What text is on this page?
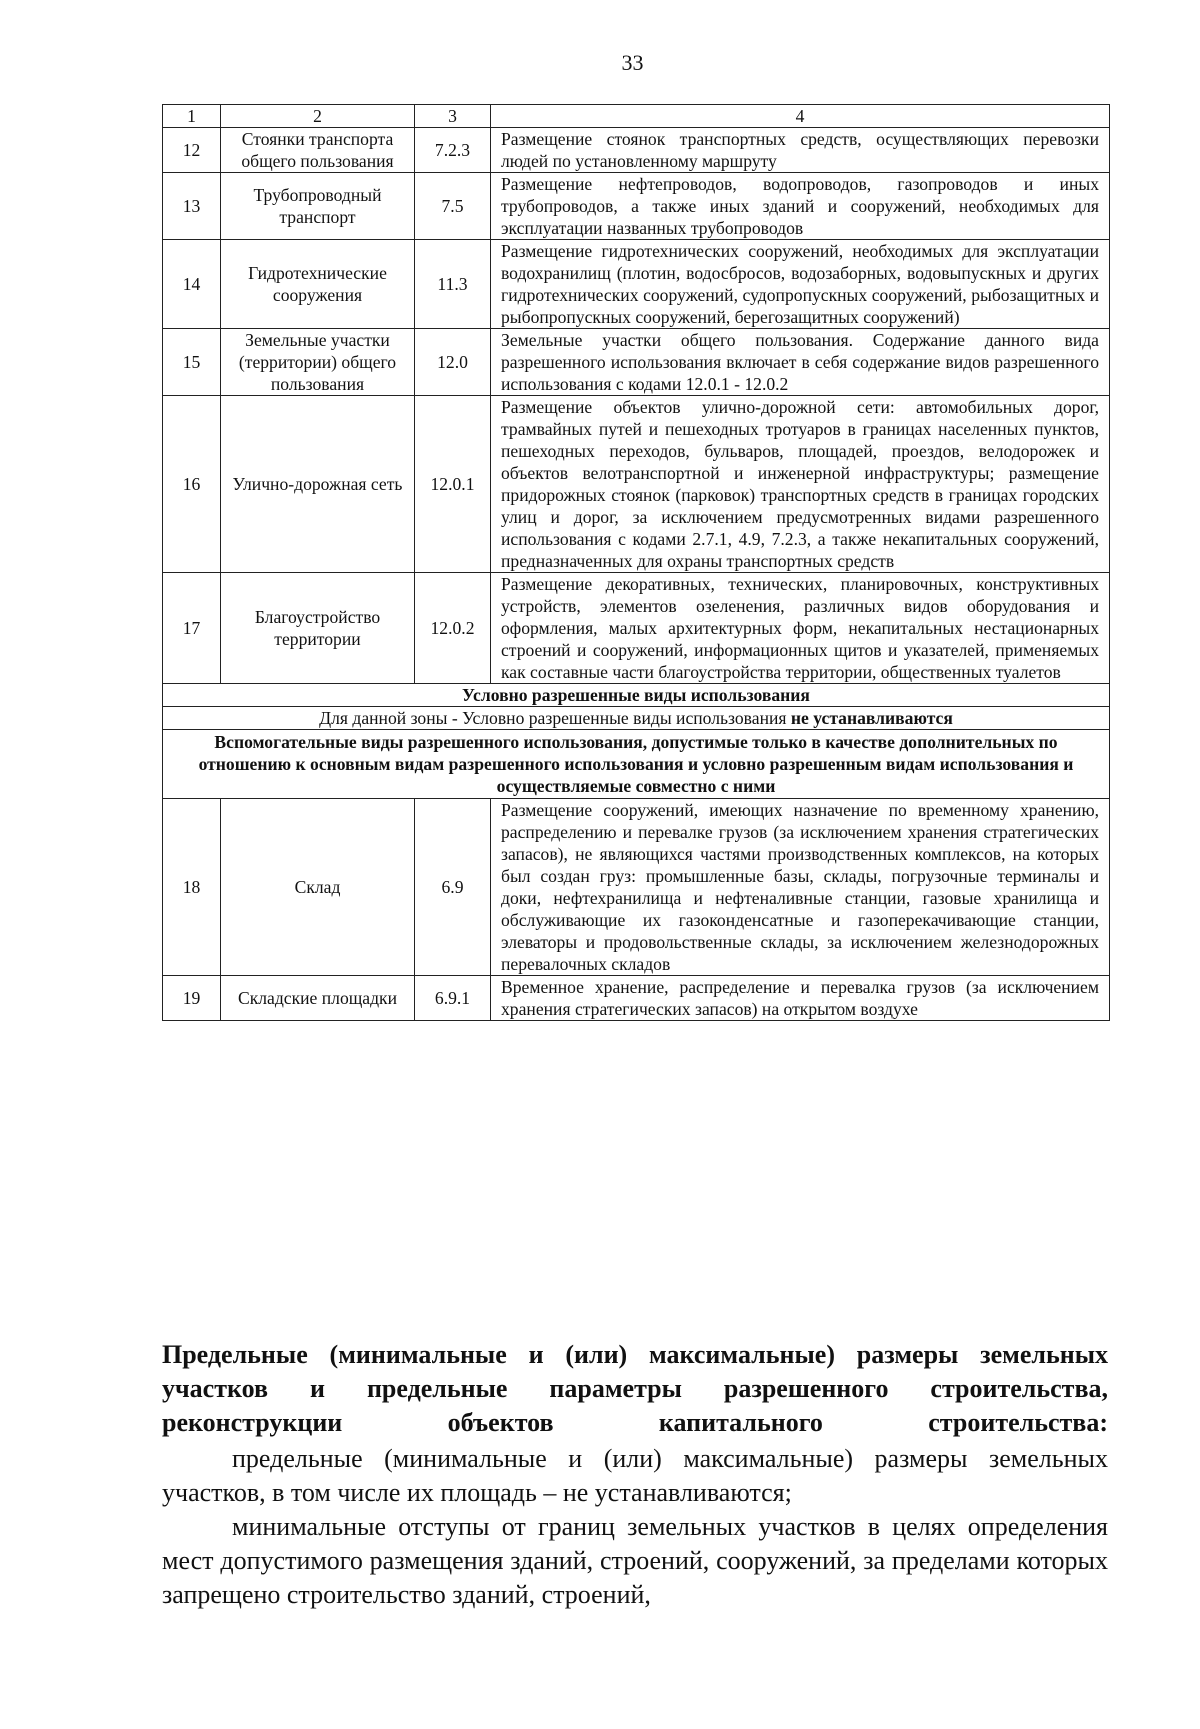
33
1	2	3	4
12	Стоянки транспорта общего пользования	7.2.3	Размещение стоянок транспортных средств, осуществляющих перевозки людей по установленному маршруту
13	Трубопроводный транспорт	7.5	Размещение нефтепроводов, водопроводов, газопроводов и иных трубопроводов, а также иных зданий и сооружений, необходимых для эксплуатации названных трубопроводов
14	Гидротехнические сооружения	11.3	Размещение гидротехнических сооружений, необходимых для эксплуатации водохранилищ (плотин, водосбросов, водозаборных, водовыпускных и других гидротехнических сооружений, судопропускных сооружений, рыбозащитных и рыбопропускных сооружений, берегозащитных сооружений)
15	Земельные участки (территории) общего пользования	12.0	Земельные участки общего пользования. Содержание данного вида разрешенного использования включает в себя содержание видов разрешенного использования с кодами 12.0.1 - 12.0.2
16	Улично-дорожная сеть	12.0.1	Размещение объектов улично-дорожной сети: автомобильных дорог, трамвайных путей и пешеходных тротуаров в границах населенных пунктов, пешеходных переходов, бульваров, площадей, проездов, велодорожек и объектов велотранспортной и инженерной инфраструктуры; размещение придорожных стоянок (парковок) транспортных средств в границах городских улиц и дорог, за исключением предусмотренных видами разрешенного использования с кодами 2.7.1, 4.9, 7.2.3, а также некапитальных сооружений, предназначенных для охраны транспортных средств
17	Благоустройство территории	12.0.2	Размещение декоративных, технических, планировочных, конструктивных устройств, элементов озеленения, различных видов оборудования и оформления, малых архитектурных форм, некапитальных нестационарных строений и сооружений, информационных щитов и указателей, применяемых как составные части благоустройства территории, общественных туалетов
Условно разрешенные виды использования			
Для данной зоны - Условно разрешенные виды использования не устанавливаются			
Вспомогательные виды разрешенного использования, допустимые только в качестве дополнительных по отношению к основным видам разрешенного использования и условно разрешенным видам использования и осуществляемые совместно с ними			
18	Склад	6.9	Размещение сооружений, имеющих назначение по временному хранению, распределению и перевалке грузов (за исключением хранения стратегических запасов), не являющихся частями производственных комплексов, на которых был создан груз: промышленные базы, склады, погрузочные терминалы и доки, нефтехранилища и нефтеналивные станции, газовые хранилища и обслуживающие их газоконденсатные и газоперекачивающие станции, элеваторы и продовольственные склады, за исключением железнодорожных перевалочных складов
19	Складские площадки	6.9.1	Временное хранение, распределение и перевалка грузов (за исключением хранения стратегических запасов) на открытом воздухе
Предельные (минимальные и (или) максимальные) размеры земельных участков и предельные параметры разрешенного строительства, реконструкции объектов капитального строительства:
предельные (минимальные и (или) максимальные) размеры земельных участков, в том числе их площадь – не устанавливаются;
минимальные отступы от границ земельных участков в целях определения мест допустимого размещения зданий, строений, сооружений, за пределами которых запрещено строительство зданий, строений,
